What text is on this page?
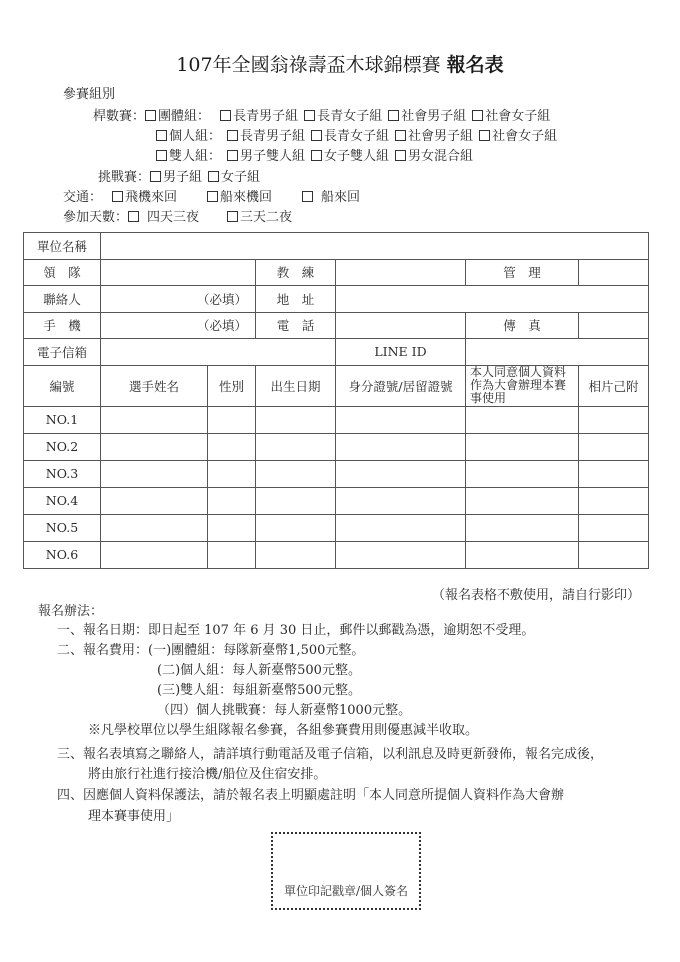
107年全國翁祿壽盃木球錦標賽 報名表
參賽組別
桿數賽： 團體組： 長青男子組 長青女子組 社會男子組 社會女子組
個人組： 長青男子組 長青女子組 社會男子組 社會女子組
雙人組： 男子雙人組 女子雙人組 男女混合組
挑戰賽： 男子組 女子組
交通： 飛機來回	船來機回	船來回
參加天數： 四天三夜	三天二夜
單位名稱						
領　隊			教　練		管　理	
聯絡人	（必填）		地　址			
手　機	（必填）		電　話		傳　真	
電子信箱				LINE ID		
編號	選手姓名	性別	出生日期	身分證號/居留證號	本人同意個人資料作為大會辦理本賽事使用	相片己附
NO.1						
NO.2						
NO.3						
NO.4						
NO.5						
NO.6						
（報名表格不敷使用，請自行影印）
報名辦法：
一、報名日期：即日起至 107 年 6 月 30 日止，郵件以郵戳為憑，逾期恕不受理。
二、報名費用：(一)團體組：每隊新臺幣1,500元整。
(二)個人組：每人新臺幣500元整。
(三)雙人組：每組新臺幣500元整。
（四）個人挑戰賽：每人新臺幣1000元整。
※凡學校單位以學生組隊報名參賽，各組參賽費用則優惠減半收取。
三、報名表填寫之聯絡人，請詳填行動電話及電子信箱，以利訊息及時更新發佈，報名完成後，
將由旅行社進行接洽機/船位及住宿安排。
四、因應個人資料保護法，請於報名表上明顯處註明「本人同意所提個人資料作為大會辦
理本賽事使用」
單位印記戳章/個人簽名
